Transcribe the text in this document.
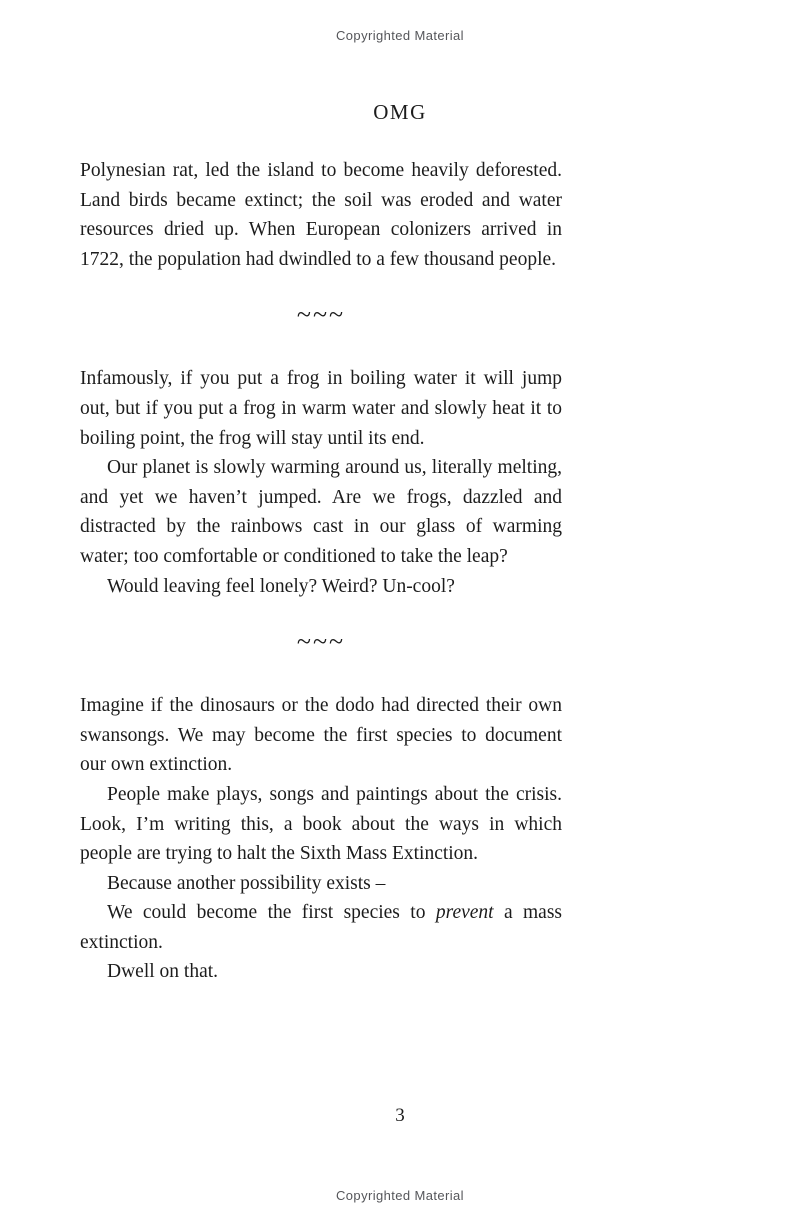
Copyrighted Material
OMG

Polynesian rat, led the island to become heavily deforested. Land birds became extinct; the soil was eroded and water resources dried up. When European colonizers arrived in 1722, the population had dwindled to a few thousand people.

~~~

Infamously, if you put a frog in boiling water it will jump out, but if you put a frog in warm water and slowly heat it to boiling point, the frog will stay until its end.

Our planet is slowly warming around us, literally melting, and yet we haven’t jumped. Are we frogs, dazzled and distracted by the rainbows cast in our glass of warming water; too comfortable or conditioned to take the leap?

Would leaving feel lonely? Weird? Un-cool?

~~~

Imagine if the dinosaurs or the dodo had directed their own swansongs. We may become the first species to document our own extinction.

People make plays, songs and paintings about the crisis. Look, I’m writing this, a book about the ways in which people are trying to halt the Sixth Mass Extinction.

Because another possibility exists –

We could become the first species to prevent a mass extinction.

Dwell on that.

3
Copyrighted Material
